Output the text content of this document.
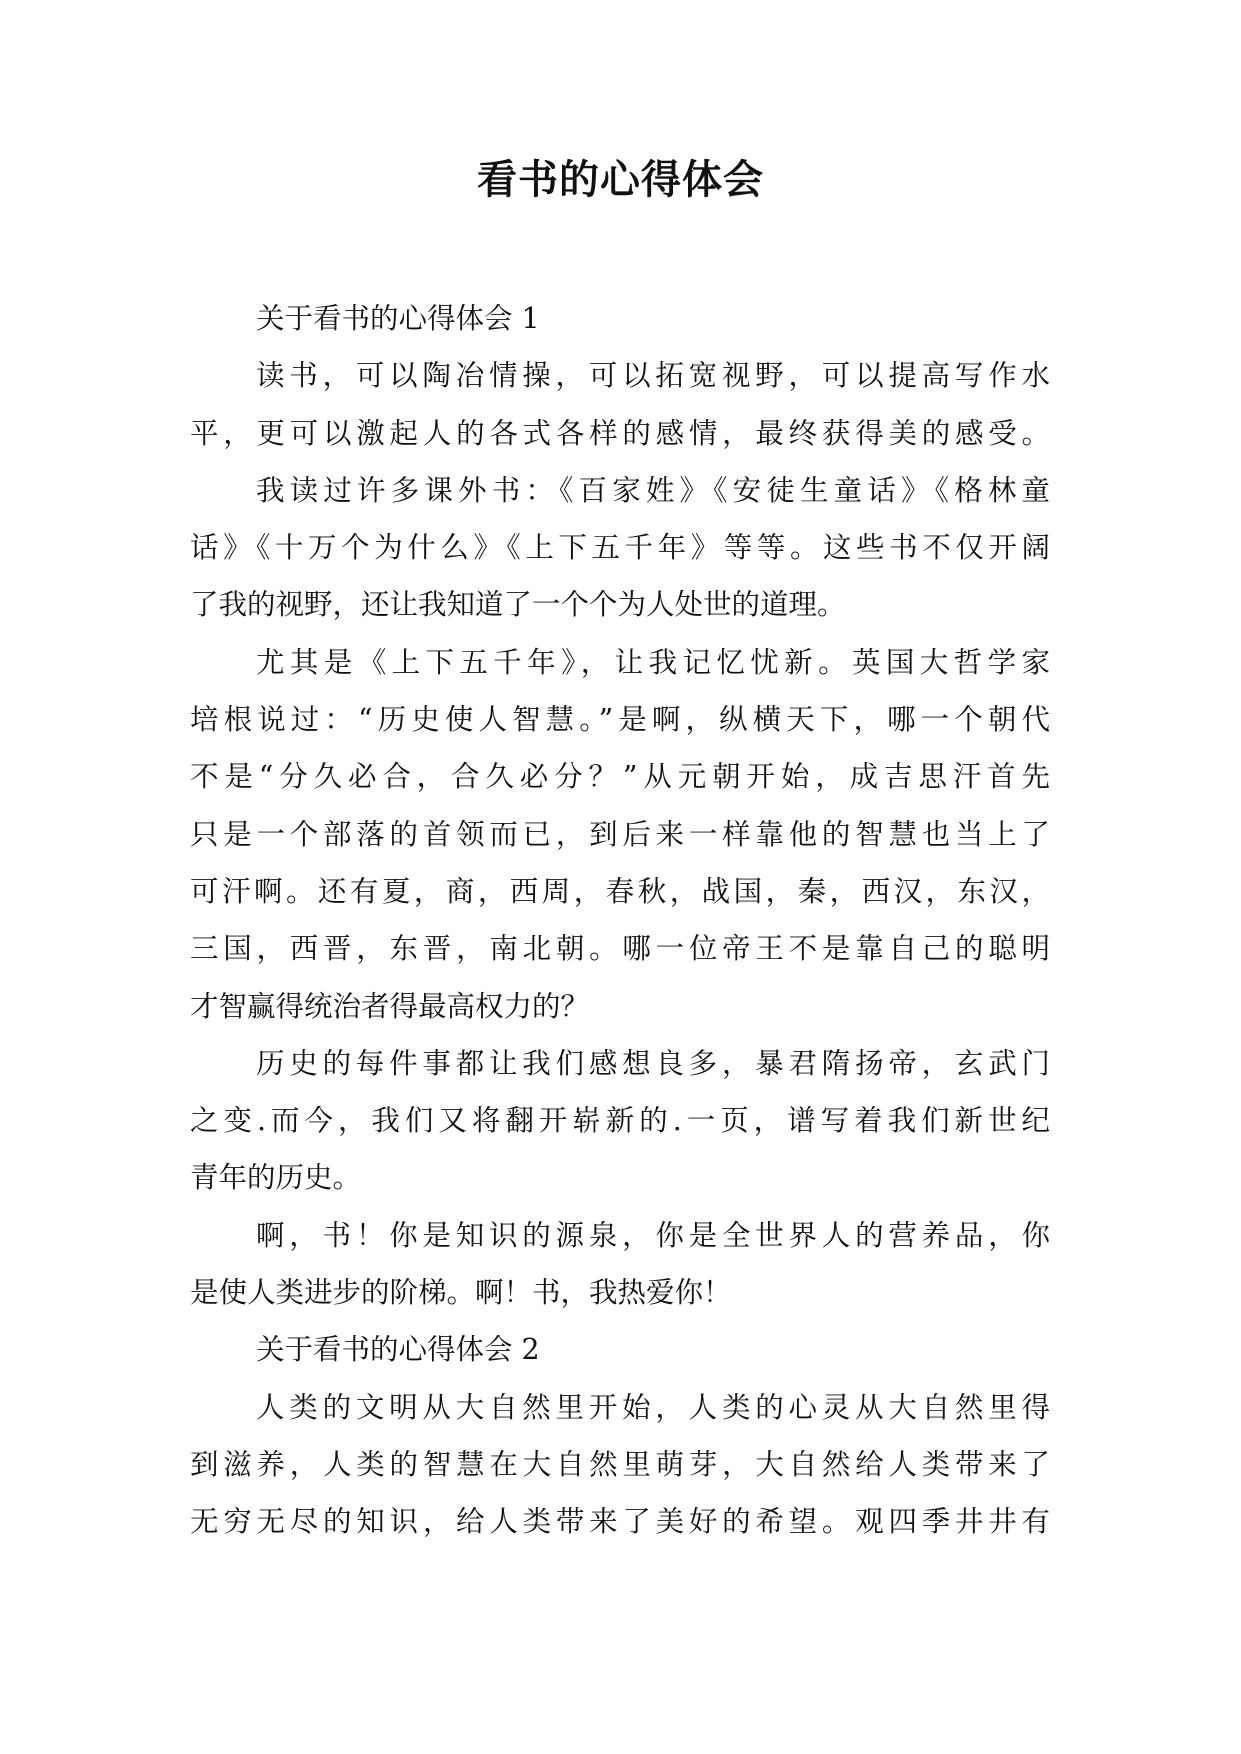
看书的心得体会
关于看书的心得体会 1
读书，可以陶冶情操，可以拓宽视野，可以提高写作水
平，更可以激起人的各式各样的感情，最终获得美的感受。
我读过许多课外书：《百家姓》《安徒生童话》《格林童
话》《十万个为什么》《上下五千年》等等。这些书不仅开阔
了我的视野，还让我知道了一个个为人处世的道理。
尤其是《上下五千年》，让我记忆忧新。英国大哲学家
培根说过：“历史使人智慧。”是啊，纵横天下，哪一个朝代
不是“分久必合，合久必分？”从元朝开始，成吉思汗首先
只是一个部落的首领而已，到后来一样靠他的智慧也当上了
可汗啊。还有夏，商，西周，春秋，战国，秦，西汉，东汉，
三国，西晋，东晋，南北朝。哪一位帝王不是靠自己的聪明
才智赢得统治者得最高权力的？
历史的每件事都让我们感想良多，暴君隋扬帝，玄武门
之变.而今，我们又将翻开崭新的.一页，谱写着我们新世纪
青年的历史。
啊，书！你是知识的源泉，你是全世界人的营养品，你
是使人类进步的阶梯。啊！书，我热爱你！
关于看书的心得体会 2
人类的文明从大自然里开始，人类的心灵从大自然里得
到滋养，人类的智慧在大自然里萌芽，大自然给人类带来了
无穷无尽的知识，给人类带来了美好的希望。观四季井井有
